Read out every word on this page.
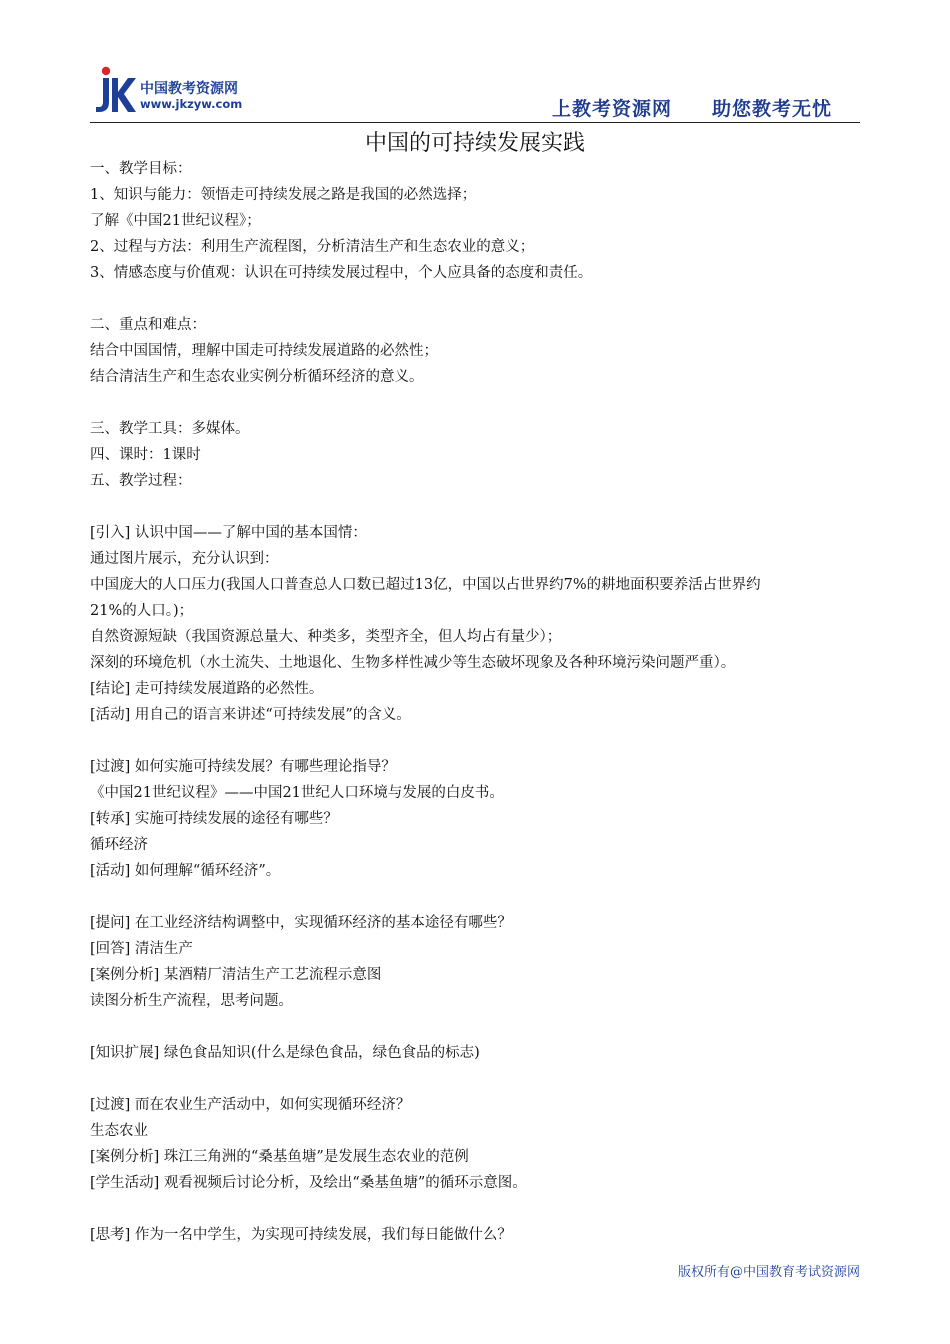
中国教考资源网
www.jkzyw.com	上教考资源网 助您教考无忧
中国的可持续发展实践
一、教学目标：
1、知识与能力：领悟走可持续发展之路是我国的必然选择；
了解《中国21世纪议程》；
2、过程与方法：利用生产流程图，分析清洁生产和生态农业的意义；
3、情感态度与价值观：认识在可持续发展过程中，个人应具备的态度和责任。
二、重点和难点：
结合中国国情，理解中国走可持续发展道路的必然性；
结合清洁生产和生态农业实例分析循环经济的意义。
三、教学工具：多媒体。
四、课时：1课时
五、教学过程：
[引入] 认识中国——了解中国的基本国情：
通过图片展示，充分认识到：
中国庞大的人口压力(我国人口普查总人口数已超过13亿，中国以占世界约7%的耕地面积要养活占世界约
21%的人口。)；
自然资源短缺（我国资源总量大、种类多，类型齐全，但人均占有量少）；
深刻的环境危机（水土流失、土地退化、生物多样性减少等生态破坏现象及各种环境污染问题严重）。
[结论] 走可持续发展道路的必然性。
[活动] 用自己的语言来讲述“可持续发展”的含义。
[过渡] 如何实施可持续发展？有哪些理论指导？
《中国21世纪议程》——中国21世纪人口环境与发展的白皮书。
[转承] 实施可持续发展的途径有哪些？
循环经济
[活动] 如何理解“循环经济”。
[提问] 在工业经济结构调整中，实现循环经济的基本途径有哪些？
[回答] 清洁生产
[案例分析] 某酒精厂清洁生产工艺流程示意图
读图分析生产流程，思考问题。
[知识扩展] 绿色食品知识(什么是绿色食品，绿色食品的标志)
[过渡] 而在农业生产活动中，如何实现循环经济？
生态农业
[案例分析] 珠江三角洲的“桑基鱼塘”是发展生态农业的范例
[学生活动] 观看视频后讨论分析，及绘出“桑基鱼塘”的循环示意图。
[思考] 作为一名中学生，为实现可持续发展，我们每日能做什么？
版权所有@中国教育考试资源网
